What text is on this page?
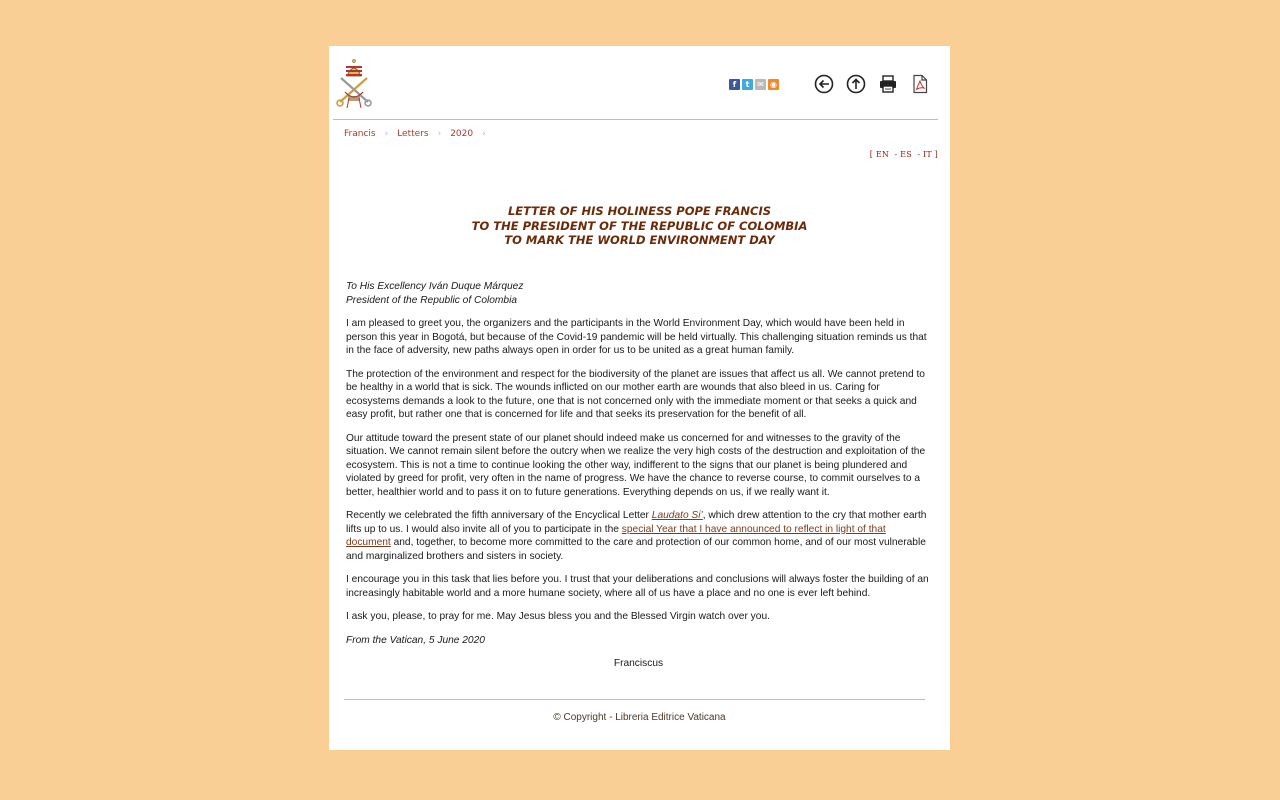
f	t ✉ ◉
Francis › Letters › 2020 ›
[ EN  - ES  - IT ]
LETTER OF HIS HOLINESS POPE FRANCIS
TO THE PRESIDENT OF THE REPUBLIC OF COLOMBIA
TO MARK THE WORLD ENVIRONMENT DAY

To His Excellency Iván Duque Márquez
President of the Republic of Colombia

I am pleased to greet you, the organizers and the participants in the World Environment Day, which would have been held in person this year in Bogotá, but because of the Covid-19 pandemic will be held virtually. This challenging situation reminds us that in the face of adversity, new paths always open in order for us to be united as a great human family.

The protection of the environment and respect for the biodiversity of the planet are issues that affect us all. We cannot pretend to be healthy in a world that is sick. The wounds inflicted on our mother earth are wounds that also bleed in us. Caring for ecosystems demands a look to the future, one that is not concerned only with the immediate moment or that seeks a quick and easy profit, but rather one that is concerned for life and that seeks its preservation for the benefit of all.

Our attitude toward the present state of our planet should indeed make us concerned for and witnesses to the gravity of the situation. We cannot remain silent before the outcry when we realize the very high costs of the destruction and exploitation of the ecosystem. This is not a time to continue looking the other way, indifferent to the signs that our planet is being plundered and violated by greed for profit, very often in the name of progress. We have the chance to reverse course, to commit ourselves to a better, healthier world and to pass it on to future generations. Everything depends on us, if we really want it.

Recently we celebrated the fifth anniversary of the Encyclical Letter Laudato Si’, which drew attention to the cry that mother earth lifts up to us. I would also invite all of you to participate in the special Year that I have announced to reflect in light of that document and, together, to become more committed to the care and protection of our common home, and of our most vulnerable and marginalized brothers and sisters in society.

I encourage you in this task that lies before you. I trust that your deliberations and conclusions will always foster the building of an increasingly habitable world and a more humane society, where all of us have a place and no one is ever left behind.

I ask you, please, to pray for me. May Jesus bless you and the Blessed Virgin watch over you.

From the Vatican, 5 June 2020

Franciscus

© Copyright - Libreria Editrice Vaticana
